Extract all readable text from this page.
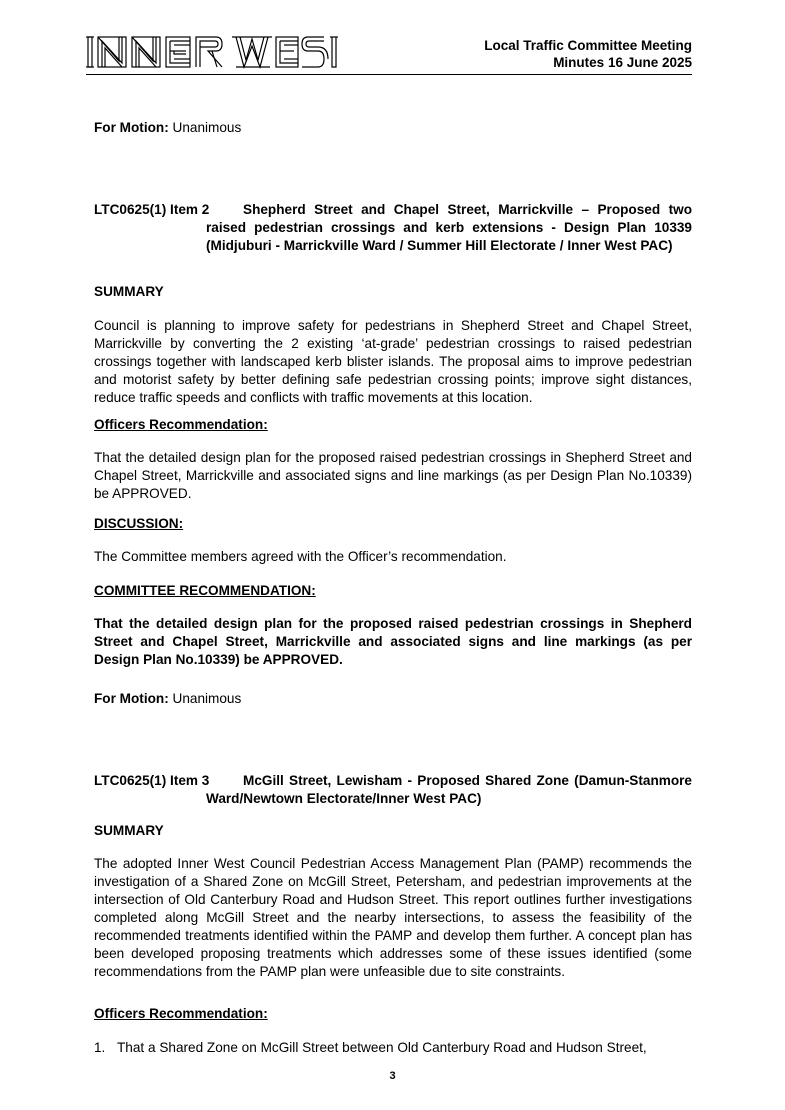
Local Traffic Committee Meeting
Minutes 16 June 2025
For Motion: Unanimous
LTC0625(1) Item 2	Shepherd Street and Chapel Street, Marrickville – Proposed two raised pedestrian crossings and kerb extensions - Design Plan 10339 (Midjuburi - Marrickville Ward / Summer Hill Electorate / Inner West PAC)
SUMMARY

Council is planning to improve safety for pedestrians in Shepherd Street and Chapel Street, Marrickville by converting the 2 existing ‘at-grade’ pedestrian crossings to raised pedestrian crossings together with landscaped kerb blister islands. The proposal aims to improve pedestrian and motorist safety by better defining safe pedestrian crossing points; improve sight distances, reduce traffic speeds and conflicts with traffic movements at this location.

Officers Recommendation:

That the detailed design plan for the proposed raised pedestrian crossings in Shepherd Street and Chapel Street, Marrickville and associated signs and line markings (as per Design Plan No.10339) be APPROVED.

DISCUSSION:

The Committee members agreed with the Officer’s recommendation.

COMMITTEE RECOMMENDATION:

That the detailed design plan for the proposed raised pedestrian crossings in Shepherd Street and Chapel Street, Marrickville and associated signs and line markings (as per Design Plan No.10339) be APPROVED.

For Motion: Unanimous
LTC0625(1) Item 3	McGill Street, Lewisham - Proposed Shared Zone (Damun-Stanmore Ward/Newtown Electorate/Inner West PAC)
SUMMARY

The adopted Inner West Council Pedestrian Access Management Plan (PAMP) recommends the investigation of a Shared Zone on McGill Street, Petersham, and pedestrian improvements at the intersection of Old Canterbury Road and Hudson Street. This report outlines further investigations completed along McGill Street and the nearby intersections, to assess the feasibility of the recommended treatments identified within the PAMP and develop them further. A concept plan has been developed proposing treatments which addresses some of these issues identified (some recommendations from the PAMP plan were unfeasible due to site constraints.

Officers Recommendation:
1. That a Shared Zone on McGill Street between Old Canterbury Road and Hudson Street,
3
